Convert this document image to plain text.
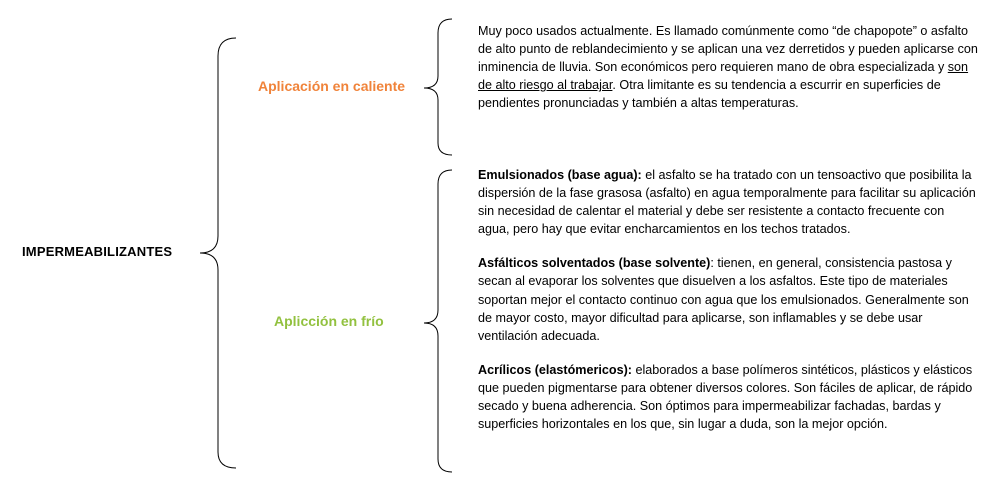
IMPERMEABILIZANTES
Aplicación en caliente
Aplicción en frío
Muy poco usados actualmente. Es llamado comúnmente como “de chapopote” o asfalto de alto punto de reblandecimiento y se aplican una vez derretidos y pueden aplicarse con inminencia de lluvia. Son económicos pero requieren mano de obra especializada y son de alto riesgo al trabajar. Otra limitante es su tendencia a escurrir en superficies de pendientes pronunciadas y también a altas temperaturas.

Emulsionados (base agua): el asfalto se ha tratado con un tensoactivo que posibilita la dispersión de la fase grasosa (asfalto) en agua temporalmente para facilitar su aplicación sin necesidad de calentar el material y debe ser resistente a contacto frecuente con agua, pero hay que evitar encharcamientos en los techos tratados.

Asfálticos solventados (base solvente): tienen, en general, consistencia pastosa y secan al evaporar los solventes que disuelven a los asfaltos. Este tipo de materiales soportan mejor el contacto continuo con agua que los emulsionados. Generalmente son de mayor costo, mayor dificultad para aplicarse, son inflamables y se debe usar ventilación adecuada.

Acrílicos (elastómericos): elaborados a base polímeros sintéticos, plásticos y elásticos que pueden pigmentarse para obtener diversos colores. Son fáciles de aplicar, de rápido secado y buena adherencia. Son óptimos para impermeabilizar fachadas, bardas y superficies horizontales en los que, sin lugar a duda, son la mejor opción.
